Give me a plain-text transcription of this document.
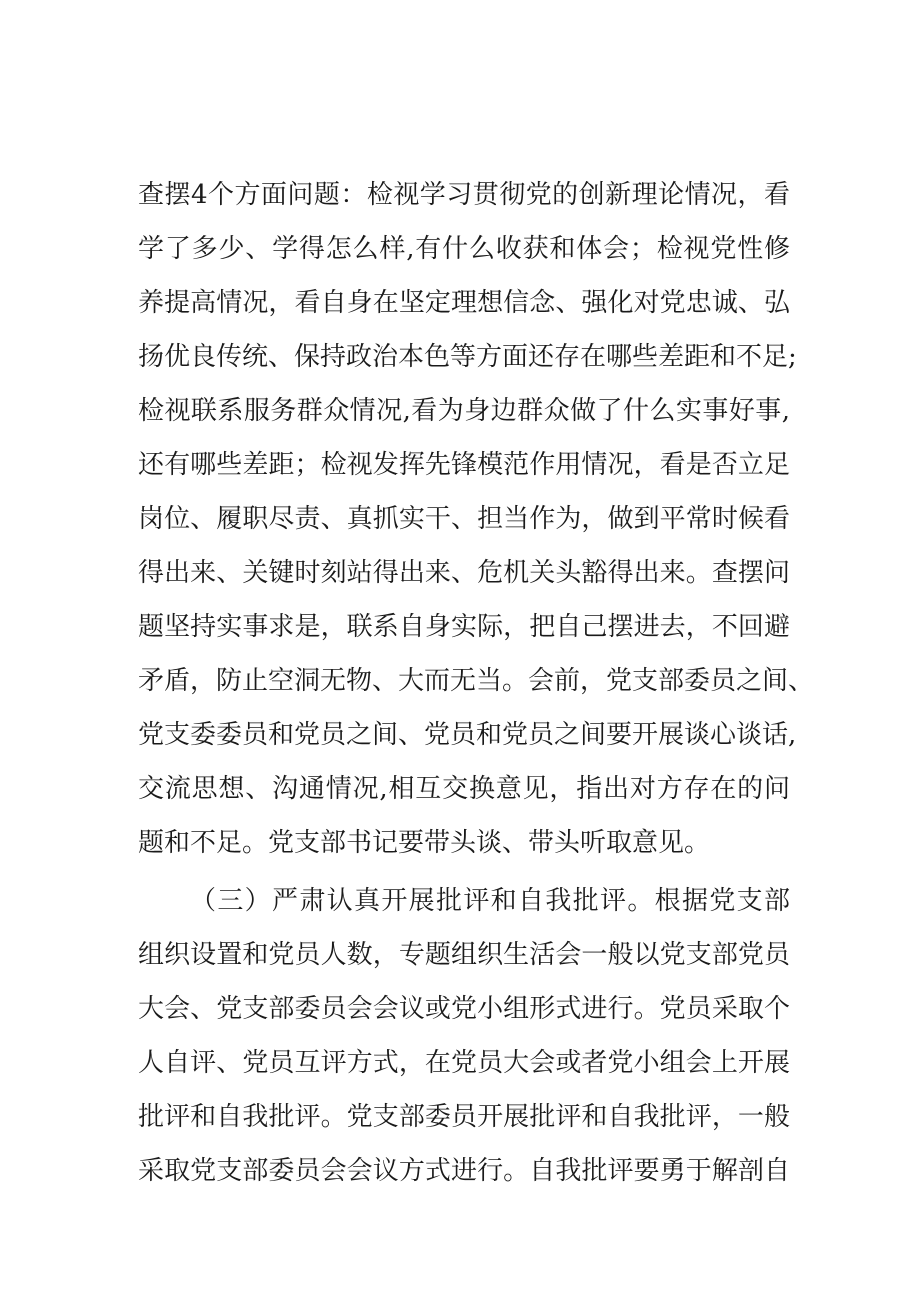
查摆4个方面问题：检视学习贯彻党的创新理论情况，看
学了多少、学得怎么样,有什么收获和体会；检视党性修
养提高情况，看自身在坚定理想信念、强化对党忠诚、弘
扬优良传统、保持政治本色等方面还存在哪些差距和不足;
检视联系服务群众情况,看为身边群众做了什么实事好事,
还有哪些差距；检视发挥先锋模范作用情况，看是否立足
岗位、履职尽责、真抓实干、担当作为，做到平常时候看
得出来、关键时刻站得出来、危机关头豁得出来。查摆问
题坚持实事求是，联系自身实际，把自己摆进去，不回避
矛盾，防止空洞无物、大而无当。会前，党支部委员之间、
党支委委员和党员之间、党员和党员之间要开展谈心谈话,
交流思想、沟通情况,相互交换意见，指出对方存在的问
题和不足。党支部书记要带头谈、带头听取意见。
（三）严肃认真开展批评和自我批评。根据党支部
组织设置和党员人数，专题组织生活会一般以党支部党员
大会、党支部委员会会议或党小组形式进行。党员采取个
人自评、党员互评方式，在党员大会或者党小组会上开展
批评和自我批评。党支部委员开展批评和自我批评，一般
采取党支部委员会会议方式进行。自我批评要勇于解剖自
